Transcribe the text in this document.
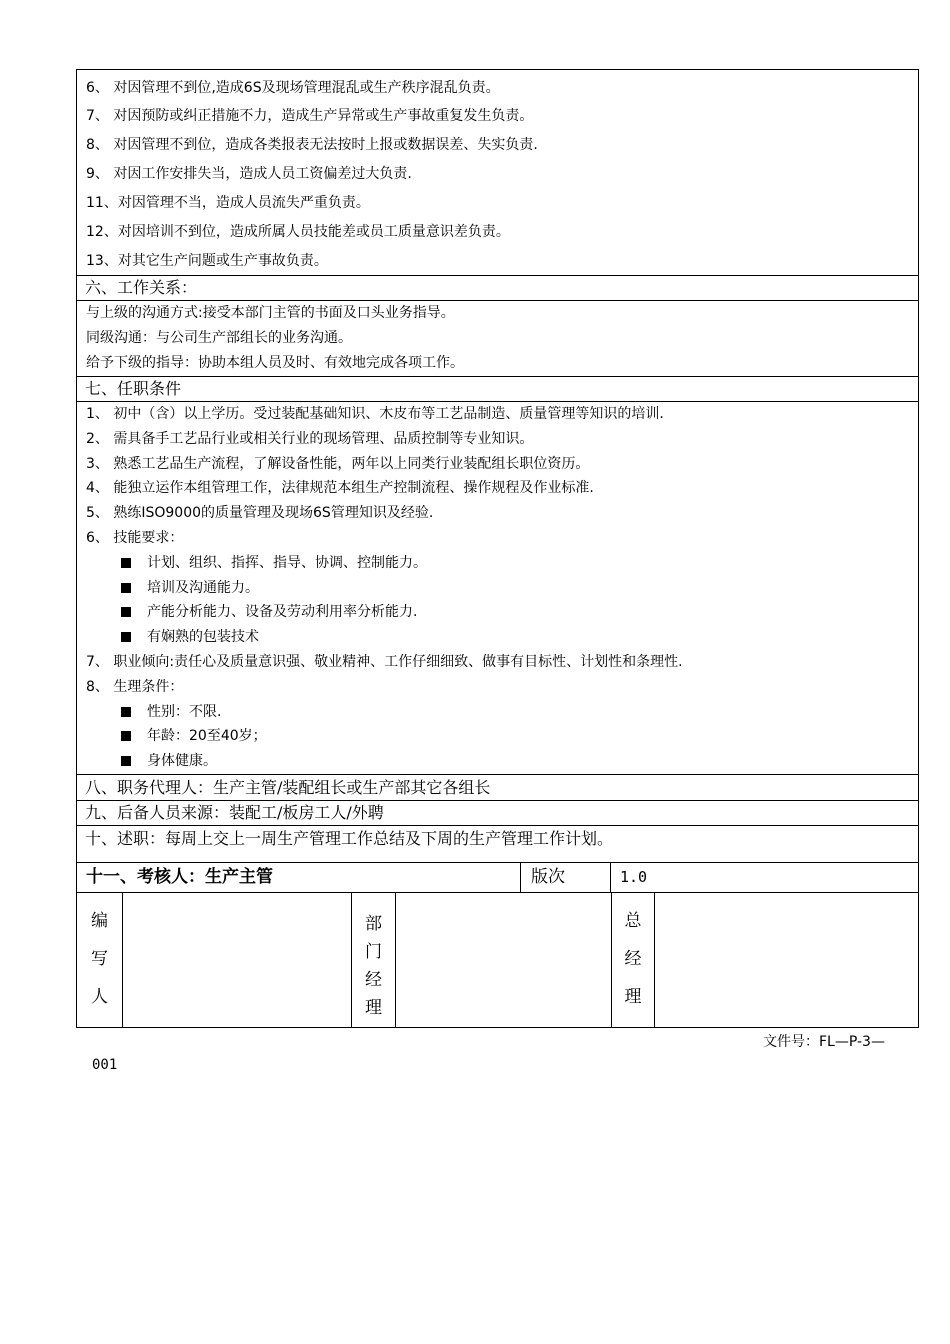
6、 对因管理不到位,造成6S及现场管理混乱或生产秩序混乱负责。
7、 对因预防或纠正措施不力，造成生产异常或生产事故重复发生负责。
8、 对因管理不到位，造成各类报表无法按时上报或数据误差、失实负责.
9、 对因工作安排失当，造成人员工资偏差过大负责.
11、对因管理不当，造成人员流失严重负责。
12、对因培训不到位，造成所属人员技能差或员工质量意识差负责。
13、对其它生产问题或生产事故负责。
六、工作关系：
与上级的沟通方式:接受本部门主管的书面及口头业务指导。
同级沟通：与公司生产部组长的业务沟通。
给予下级的指导：协助本组人员及时、有效地完成各项工作。
七、任职条件
1、 初中（含）以上学历。受过装配基础知识、木皮布等工艺品制造、质量管理等知识的培训.
2、 需具备手工艺品行业或相关行业的现场管理、品质控制等专业知识。
3、 熟悉工艺品生产流程，了解设备性能，两年以上同类行业装配组长职位资历。
4、 能独立运作本组管理工作，法律规范本组生产控制流程、操作规程及作业标准.
5、 熟练ISO9000的质量管理及现场6S管理知识及经验.
6、 技能要求：
计划、组织、指挥、指导、协调、控制能力。
培训及沟通能力。
产能分析能力、设备及劳动利用率分析能力.
有娴熟的包装技术
7、 职业倾向:责任心及质量意识强、敬业精神、工作仔细细致、做事有目标性、计划性和条理性.
8、 生理条件：
性别：不限.
年龄：20至40岁；
身体健康。
八、职务代理人：生产主管/装配组长或生产部其它各组长
九、后备人员来源：装配工/板房工人/外聘
十、述职：每周上交上一周生产管理工作总结及下周的生产管理工作计划。
十一、考核人：生产主管	版次	1.0
编
写
人
部
门
经
理
总
经
理
文件号：FL—P-3—
001
